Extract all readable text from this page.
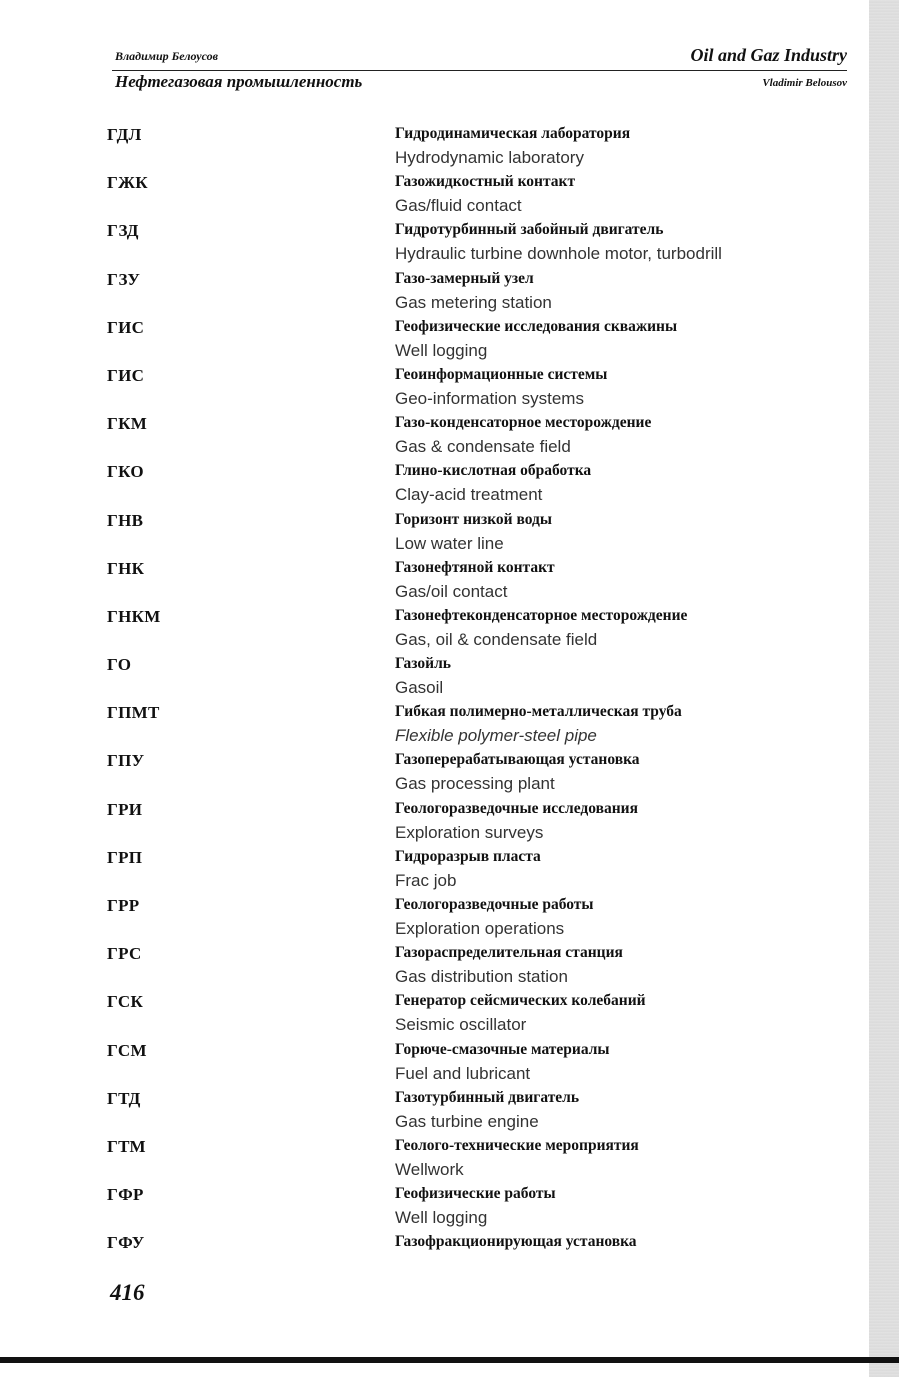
Владимир Белоусов	Oil and Gaz Industry
Нефтегазовая промышленность	Vladimir Belousov
ГДЛ	Гидродинамическая лаборатория
Hydrodynamic laboratory
ГЖК	Газожидкостный контакт
Gas/fluid contact
ГЗД	Гидротурбинный забойный двигатель
Hydraulic turbine downhole motor, turbodrill
ГЗУ	Газо-замерный узел
Gas metering station
ГИС	Геофизические исследования скважины
Well logging
ГИС	Геоинформационные системы
Geo-information systems
ГКМ	Газо-конденсаторное месторождение
Gas & condensate field
ГКО	Глино-кислотная обработка
Clay-acid treatment
ГНВ	Горизонт низкой воды
Low water line
ГНК	Газонефтяной контакт
Gas/oil contact
ГНКМ	Газонефтеконденсаторное месторождение
Gas, oil & condensate field
ГО	Газойль
Gasoil
ГПМТ	Гибкая полимерно-металлическая труба
Flexible polymer-steel pipe
ГПУ	Газоперерабатывающая установка
Gas processing plant
ГРИ	Геологоразведочные исследования
Exploration surveys
ГРП	Гидроразрыв пласта
Frac job
ГРР	Геологоразведочные работы
Exploration operations
ГРС	Газораспределительная станция
Gas distribution station
ГСК	Генератор сейсмических колебаний
Seismic oscillator
ГСМ	Горюче-смазочные материалы
Fuel and lubricant
ГТД	Газотурбинный двигатель
Gas turbine engine
ГТМ	Геолого-технические мероприятия
Wellwork
ГФР	Геофизические работы
Well logging
ГФУ	Газофракционирующая установка
416
